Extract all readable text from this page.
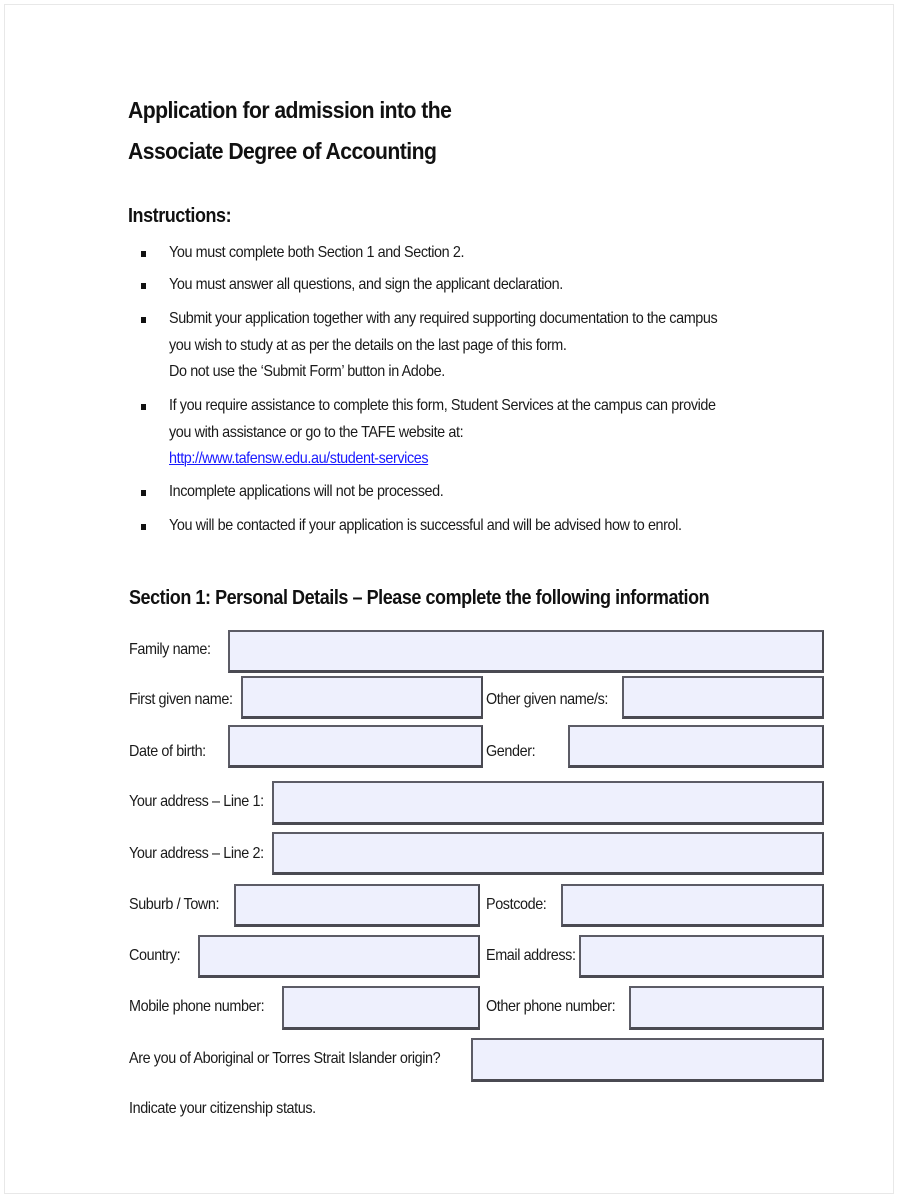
Application for admission into the
Associate Degree of Accounting
Instructions:
You must complete both Section 1 and Section 2.
You must answer all questions, and sign the applicant declaration.
Submit your application together with any required supporting documentation to the campus
you wish to study at as per the details on the last page of this form.
Do not use the ‘Submit Form’ button in Adobe.
If you require assistance to complete this form, Student Services at the campus can provide
you with assistance or go to the TAFE website at:
http://www.tafensw.edu.au/student-services
Incomplete applications will not be processed.
You will be contacted if your application is successful and will be advised how to enrol.
Section 1: Personal Details – Please complete the following information
Family name:
First given name:	Other given name/s:
Date of birth:	Gender:
Your address – Line 1:
Your address – Line 2:
Suburb / Town:	Postcode:
Country:	Email address:
Mobile phone number:	Other phone number:
Are you of Aboriginal or Torres Strait Islander origin?
Indicate your citizenship status.
